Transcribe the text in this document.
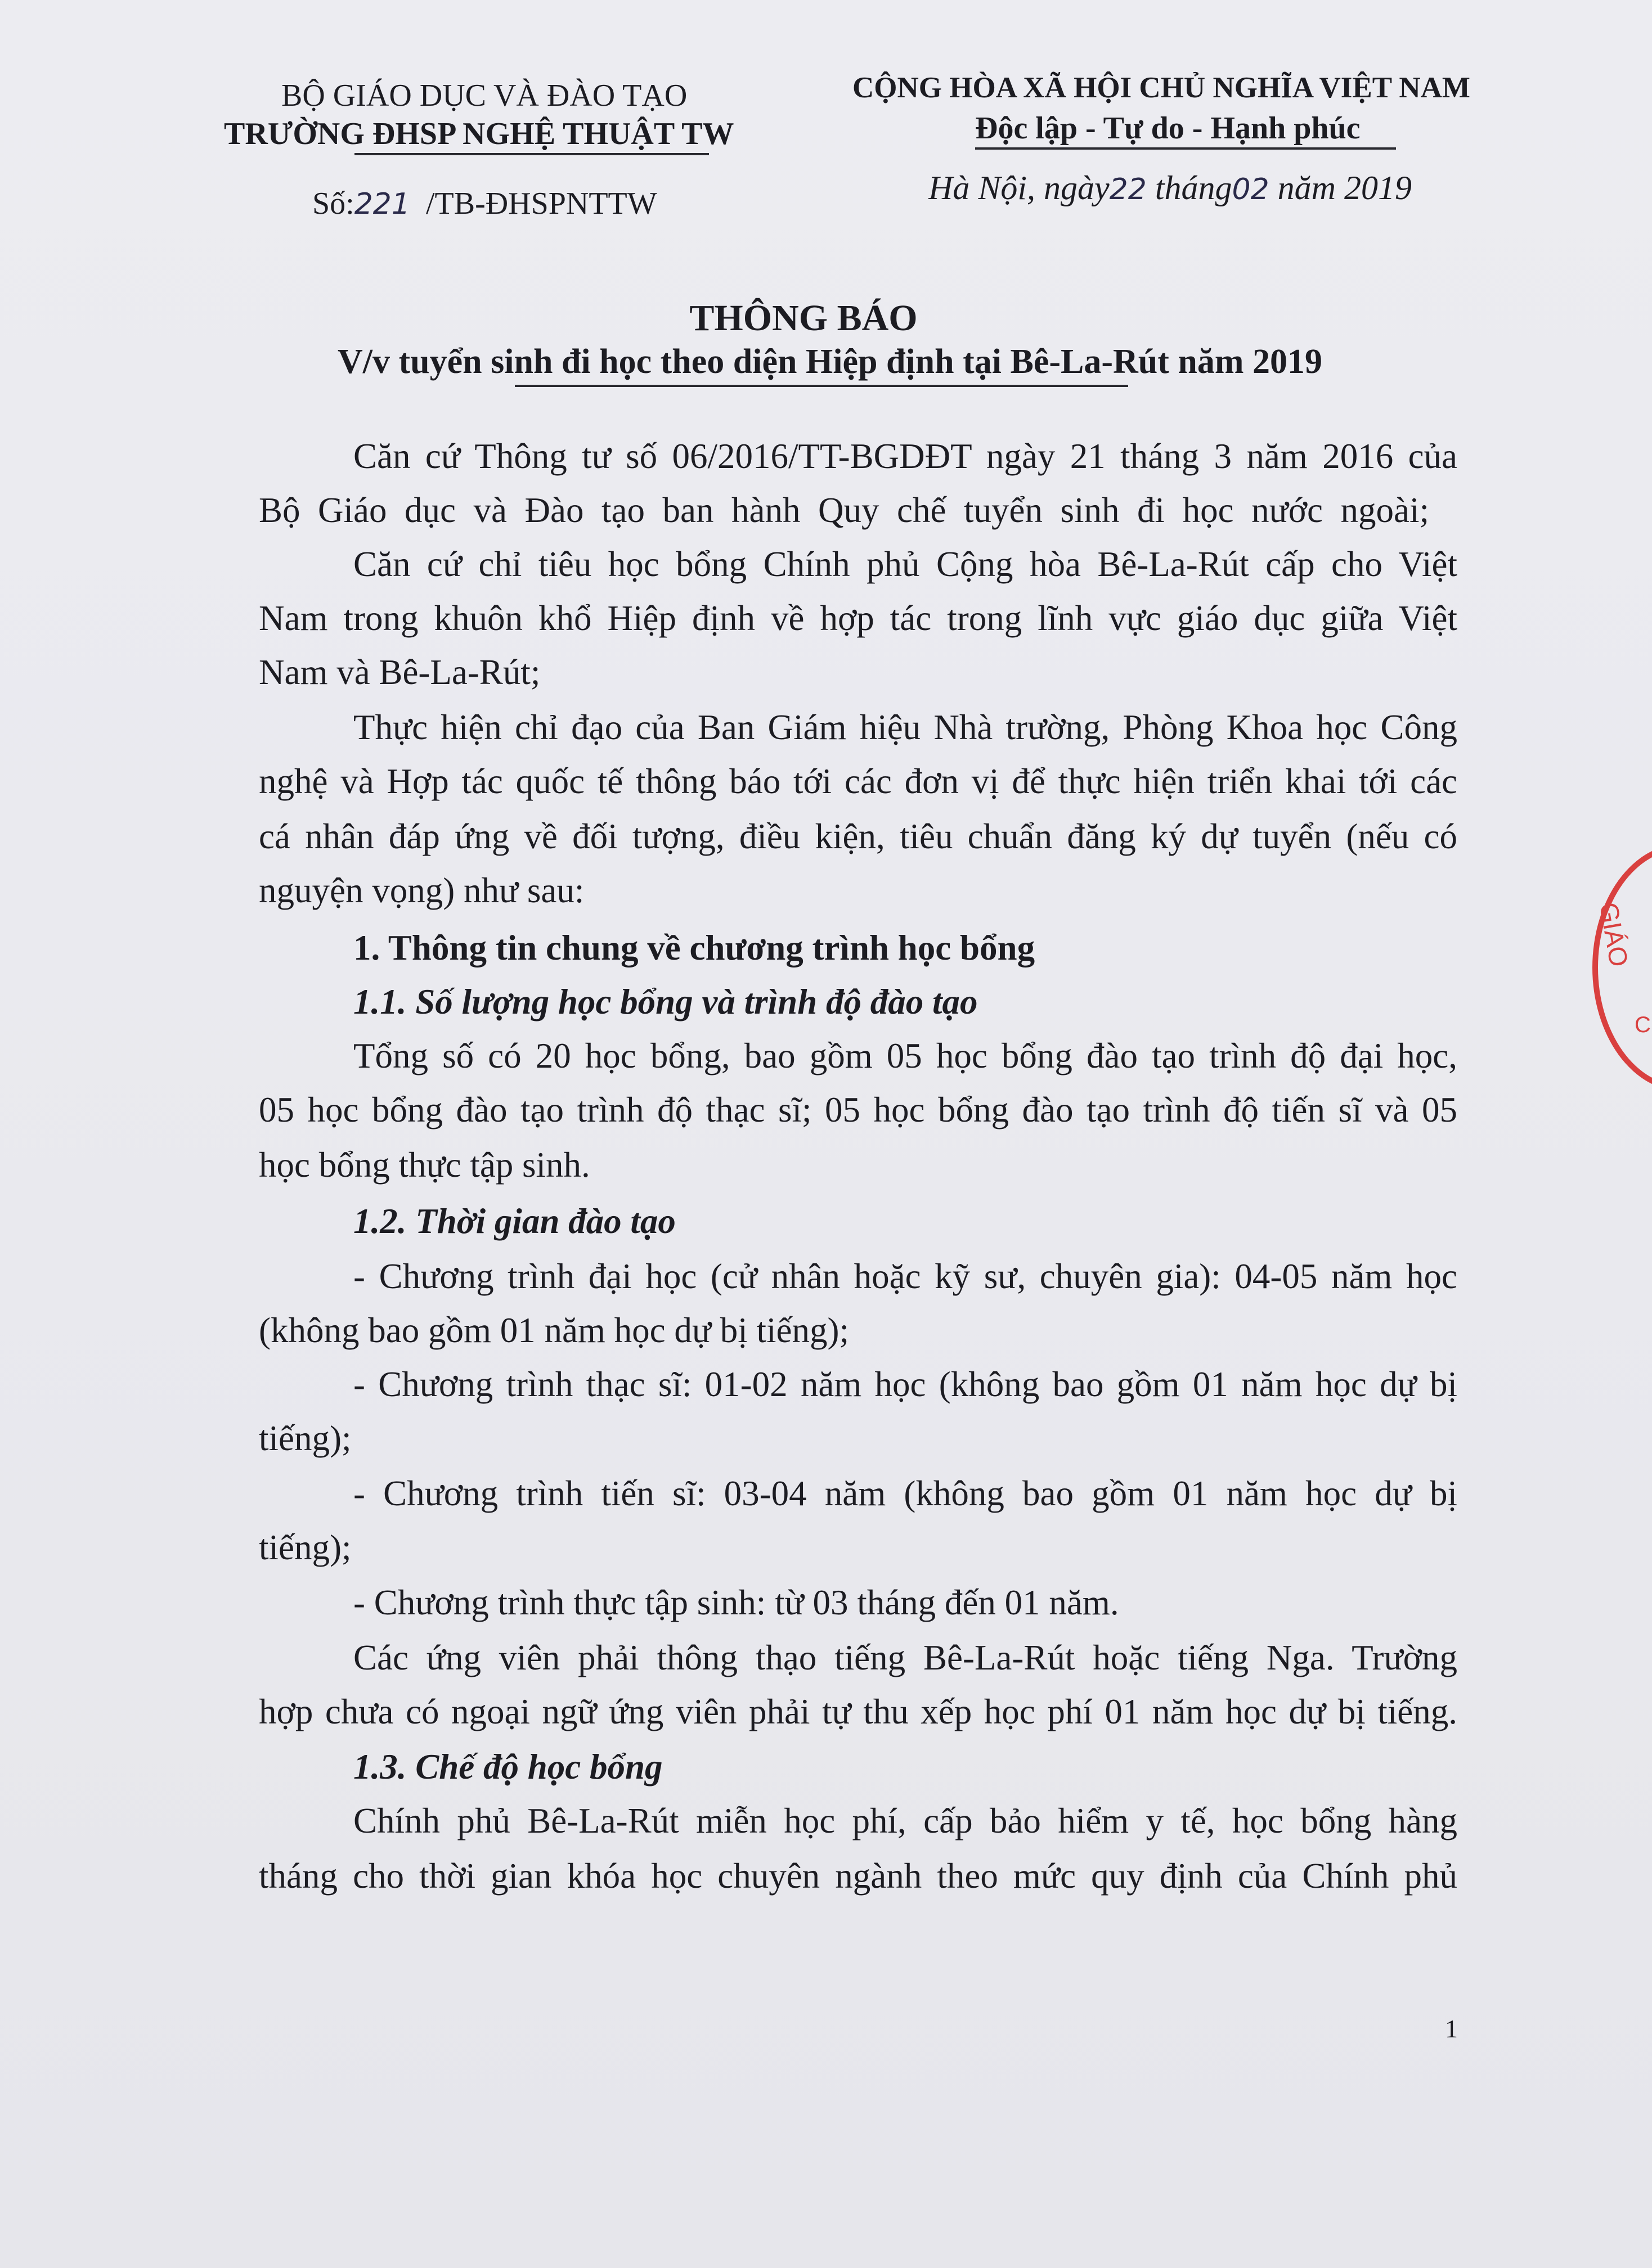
BỘ GIÁO DỤC VÀ ĐÀO TẠO
TRƯỜNG ĐHSP NGHỆ THUẬT TW
Số:221 /TB-ĐHSPNTTW
CỘNG HÒA XÃ HỘI CHỦ NGHĨA VIỆT NAM
Độc lập - Tự do - Hạnh phúc
Hà Nội, ngày22 tháng02 năm 2019
THÔNG BÁO
V/v tuyển sinh đi học theo diện Hiệp định tại Bê-La-Rút năm 2019
Căn cứ Thông tư số 06/2016/TT-BGDĐT ngày 21 tháng 3 năm 2016 của
Bộ Giáo dục và Đào tạo ban hành Quy chế tuyển sinh đi học nước ngoài;
Căn cứ chỉ tiêu học bổng Chính phủ Cộng hòa Bê-La-Rút cấp cho Việt
Nam trong khuôn khổ Hiệp định về hợp tác trong lĩnh vực giáo dục giữa Việt
Nam và Bê-La-Rút;
Thực hiện chỉ đạo của Ban Giám hiệu Nhà trường, Phòng Khoa học Công
nghệ và Hợp tác quốc tế thông báo tới các đơn vị để thực hiện triển khai tới các
cá nhân đáp ứng về đối tượng, điều kiện, tiêu chuẩn đăng ký dự tuyển (nếu có
nguyện vọng) như sau:
1. Thông tin chung về chương trình học bổng
1.1. Số lượng học bổng và trình độ đào tạo
Tổng số có 20 học bổng, bao gồm 05 học bổng đào tạo trình độ đại học,
05 học bổng đào tạo trình độ thạc sĩ; 05 học bổng đào tạo trình độ tiến sĩ và 05
học bổng thực tập sinh.
1.2. Thời gian đào tạo
- Chương trình đại học (cử nhân hoặc kỹ sư, chuyên gia): 04-05 năm học
(không bao gồm 01 năm học dự bị tiếng);
- Chương trình thạc sĩ: 01-02 năm học (không bao gồm 01 năm học dự bị
tiếng);
- Chương trình tiến sĩ: 03-04 năm (không bao gồm 01 năm học dự bị
tiếng);
- Chương trình thực tập sinh: từ 03 tháng đến 01 năm.
Các ứng viên phải thông thạo tiếng Bê-La-Rút hoặc tiếng Nga. Trường
hợp chưa có ngoại ngữ ứng viên phải tự thu xếp học phí 01 năm học dự bị tiếng.
1.3. Chế độ học bổng
Chính phủ Bê-La-Rút miễn học phí, cấp bảo hiểm y tế, học bổng hàng
tháng cho thời gian khóa học chuyên ngành theo mức quy định của Chính phủ
1
GIÁO
C
